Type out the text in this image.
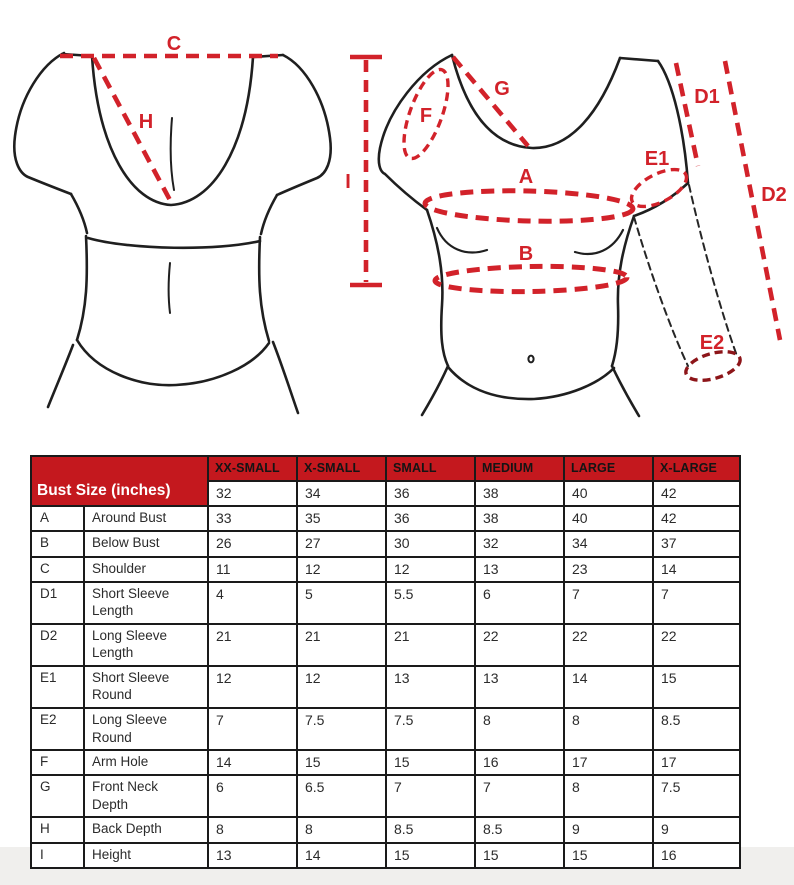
C
H
I
F
G
A
B
D1
D2
E1
E2
Bust Size (inches)		XX-SMALL	X-SMALL	SMALL	MEDIUM	LARGE	X-LARGE
		32	34	36	38	40	42
A	Around Bust	33	35	36	38	40	42
B	Below Bust	26	27	30	32	34	37
C	Shoulder	11	12	12	13	23	14
D1	Short Sleeve Length	4	5	5.5	6	7	7
D2	Long Sleeve Length	21	21	21	22	22	22
E1	Short Sleeve Round	12	12	13	13	14	15
E2	Long Sleeve Round	7	7.5	7.5	8	8	8.5
F	Arm Hole	14	15	15	16	17	17
G	Front Neck Depth	6	6.5	7	7	8	7.5
H	Back Depth	8	8	8.5	8.5	9	9
I	Height	13	14	15	15	15	16
